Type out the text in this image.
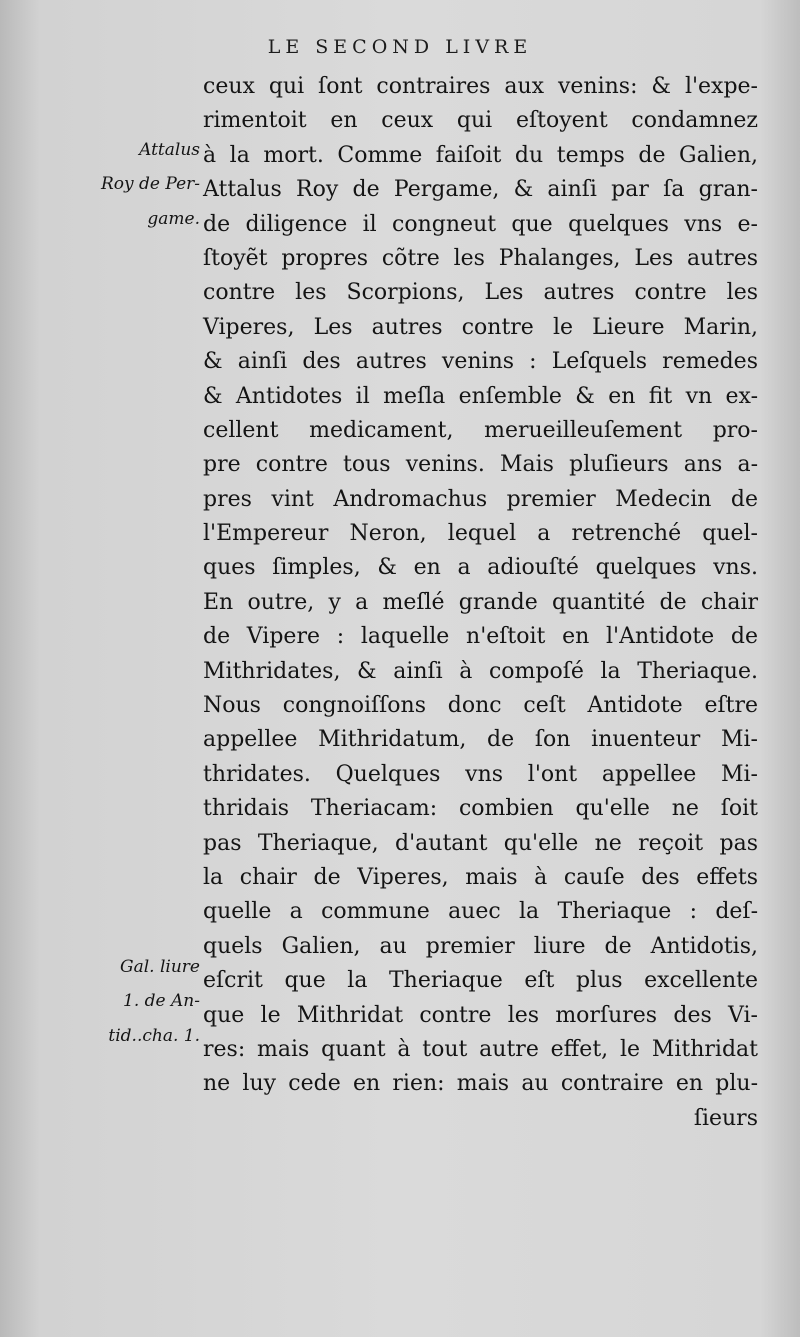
LE SECOND LIVRE
Attalus
Roy de Per-
game.
Gal. liure
1. de An-
tid..cha. 1.
ceux qui ſont contraires aux venins: & l'expe-
rimentoit en ceux qui eſtoyent condamnez
à la mort. Comme faiſoit du temps de Galien,
Attalus Roy de Pergame, & ainſi par ſa gran-
de diligence il congneut que quelques vns e-
ſtoyẽt propres cõtre les Phalanges, Les autres
contre les Scorpions, Les autres contre les
Viperes, Les autres contre le Lieure Marin,
& ainſi des autres venins : Leſquels remedes
& Antidotes il meſla enſemble & en fit vn ex-
cellent medicament, merueilleuſement pro-
pre contre tous venins. Mais pluſieurs ans a-
pres vint Andromachus premier Medecin de
l'Empereur Neron, lequel a retrenché quel-
ques ſimples, & en a adiouſté quelques vns.
En outre, y a meſlé grande quantité de chair
de Vipere : laquelle n'eſtoit en l'Antidote de
Mithridates, & ainſi à compoſé la Theriaque.
Nous congnoiſſons donc ceſt Antidote eſtre
appellee Mithridatum, de ſon inuenteur Mi-
thridates. Quelques vns l'ont appellee Mi-
thridais Theriacam: combien qu'elle ne ſoit
pas Theriaque, d'autant qu'elle ne reçoit pas
la chair de Viperes, mais à cauſe des effets
quelle a commune auec la Theriaque : deſ-
quels Galien, au premier liure de Antidotis,
eſcrit que la Theriaque eſt plus excellente
que le Mithridat contre les morſures des Vi-
res: mais quant à tout autre effet, le Mithridat
ne luy cede en rien: mais au contraire en plu-
ſieurs
